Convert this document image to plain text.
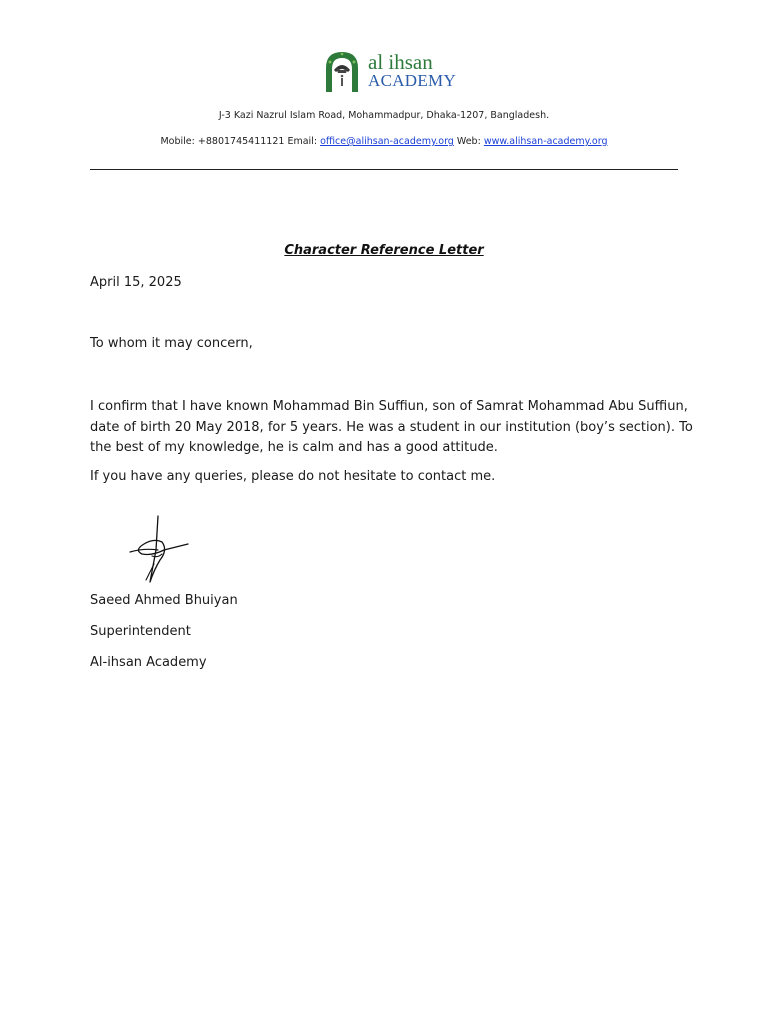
al ihsan
ACADEMY
J-3 Kazi Nazrul Islam Road, Mohammadpur, Dhaka-1207, Bangladesh.
Mobile: +8801745411121 Email: office@alihsan-academy.org Web: www.alihsan-academy.org
Character Reference Letter
April 15, 2025
To whom it may concern,
I confirm that I have known Mohammad Bin Suffiun, son of Samrat Mohammad Abu Suffiun,
date of birth 20 May 2018, for 5 years. He was a student in our institution (boy’s section). To
the best of my knowledge, he is calm and has a good attitude.
If you have any queries, please do not hesitate to contact me.
Saeed Ahmed Bhuiyan
Superintendent
Al-ihsan Academy
